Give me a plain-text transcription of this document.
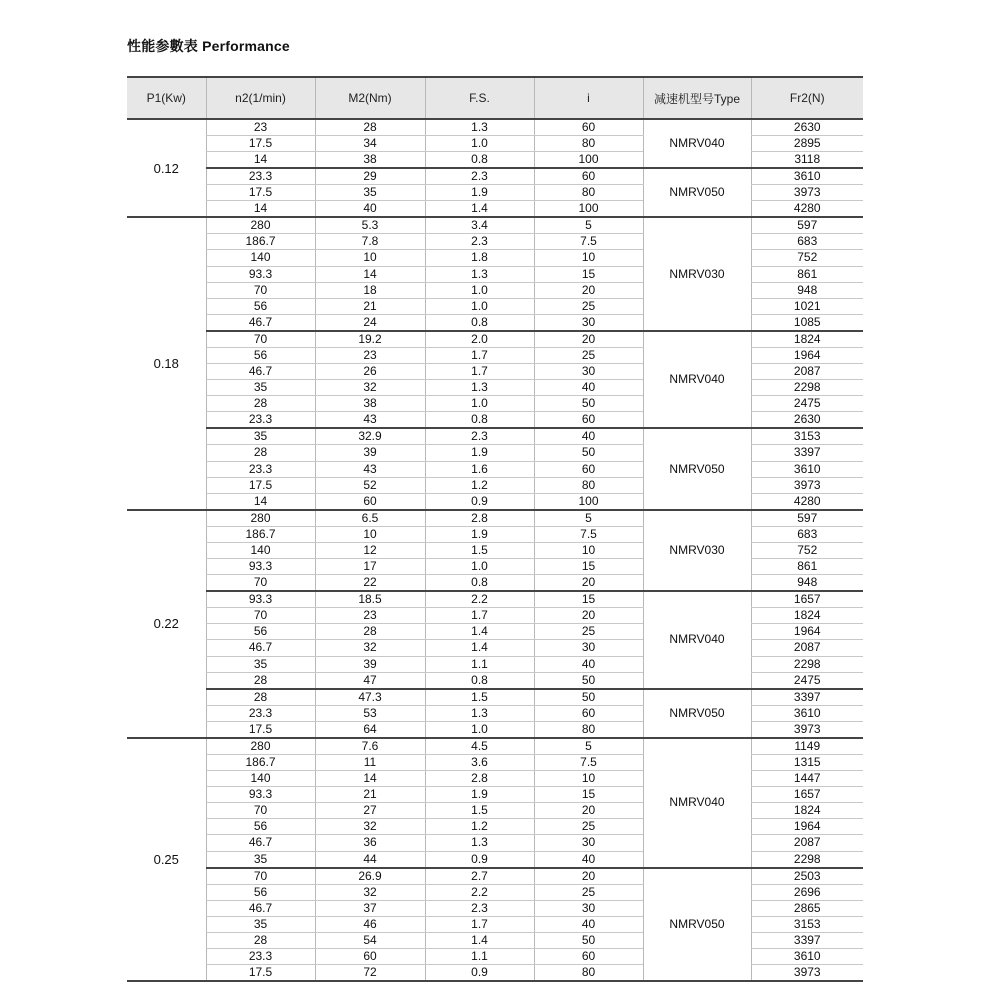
性能参數表 Performance
P1(Kw)	n2(1/min)	M2(Nm)	F.S.	i	减速机型号Type	Fr2(N)
0.12	23	28	1.3	60	NMRV040	2630
	17.5	34	1.0	80		2895
	14	38	0.8	100		3118
	23.3	29	2.3	60	NMRV050	3610
	17.5	35	1.9	80		3973
	14	40	1.4	100		4280
0.18	280	5.3	3.4	5	NMRV030	597
	186.7	7.8	2.3	7.5		683
	140	10	1.8	10		752
	93.3	14	1.3	15		861
	70	18	1.0	20		948
	56	21	1.0	25		1021
	46.7	24	0.8	30		1085
	70	19.2	2.0	20	NMRV040	1824
	56	23	1.7	25		1964
	46.7	26	1.7	30		2087
	35	32	1.3	40		2298
	28	38	1.0	50		2475
	23.3	43	0.8	60		2630
	35	32.9	2.3	40	NMRV050	3153
	28	39	1.9	50		3397
	23.3	43	1.6	60		3610
	17.5	52	1.2	80		3973
	14	60	0.9	100		4280
0.22	280	6.5	2.8	5	NMRV030	597
	186.7	10	1.9	7.5		683
	140	12	1.5	10		752
	93.3	17	1.0	15		861
	70	22	0.8	20		948
	93.3	18.5	2.2	15	NMRV040	1657
	70	23	1.7	20		1824
	56	28	1.4	25		1964
	46.7	32	1.4	30		2087
	35	39	1.1	40		2298
	28	47	0.8	50		2475
	28	47.3	1.5	50	NMRV050	3397
	23.3	53	1.3	60		3610
	17.5	64	1.0	80		3973
0.25	280	7.6	4.5	5	NMRV040	1149
	186.7	11	3.6	7.5		1315
	140	14	2.8	10		1447
	93.3	21	1.9	15		1657
	70	27	1.5	20		1824
	56	32	1.2	25		1964
	46.7	36	1.3	30		2087
	35	44	0.9	40		2298
	70	26.9	2.7	20	NMRV050	2503
	56	32	2.2	25		2696
	46.7	37	2.3	30		2865
	35	46	1.7	40		3153
	28	54	1.4	50		3397
	23.3	60	1.1	60		3610
	17.5	72	0.9	80		3973
